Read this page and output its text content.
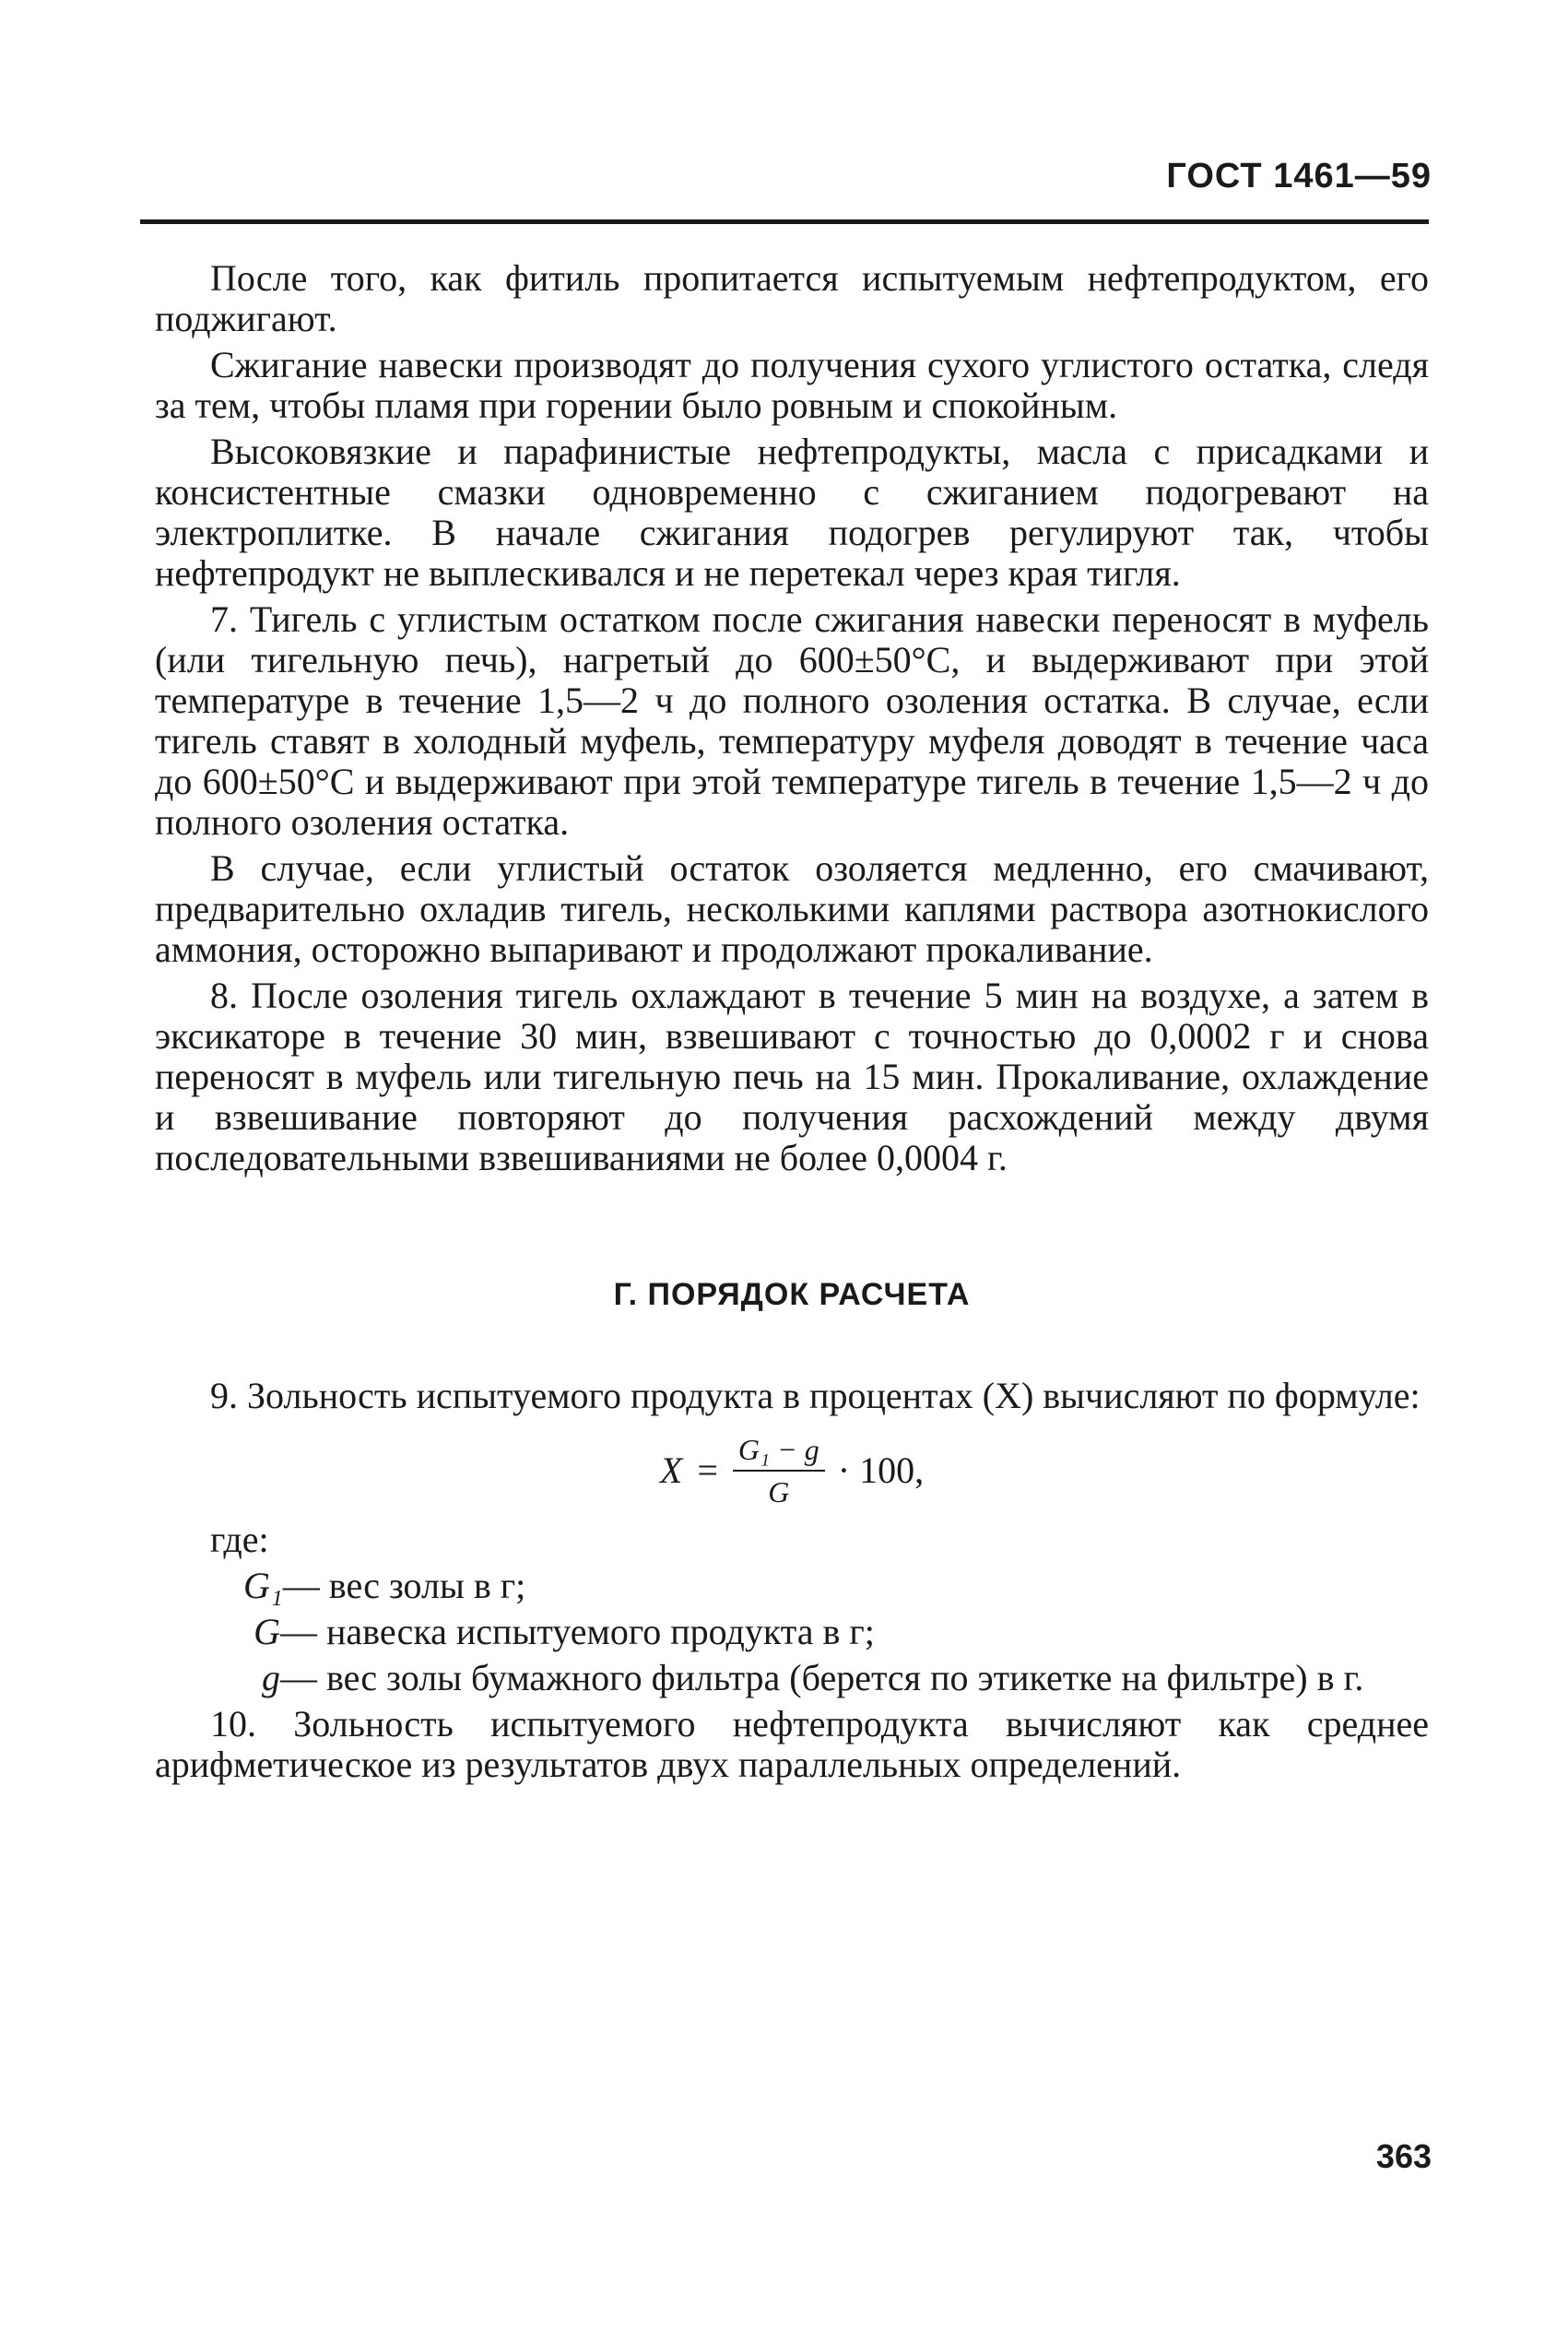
ГОСТ 1461—59

После того, как фитиль пропитается испытуемым нефтепродуктом, его поджигают.

Сжигание навески производят до получения сухого углистого остатка, следя за тем, чтобы пламя при горении было ровным и спокойным.

Высоковязкие и парафинистые нефтепродукты, масла с присадками и консистентные смазки одновременно с сжиганием подогревают на электроплитке. В начале сжигания подогрев регулируют так, чтобы нефтепродукт не выплескивался и не перетекал через края тигля.

7. Тигель с углистым остатком после сжигания навески переносят в муфель (или тигельную печь), нагретый до 600±50°С, и выдерживают при этой температуре в течение 1,5—2 ч до полного озоления остатка. В случае, если тигель ставят в холодный муфель, температуру муфеля доводят в течение часа до 600±50°С и выдерживают при этой температуре тигель в течение 1,5—2 ч до полного озоления остатка.

В случае, если углистый остаток озоляется медленно, его смачивают, предварительно охладив тигель, несколькими каплями раствора азотнокислого аммония, осторожно выпаривают и продолжают прокаливание.

8. После озоления тигель охлаждают в течение 5 мин на воздухе, а затем в эксикаторе в течение 30 мин, взвешивают с точностью до 0,0002 г и снова переносят в муфель или тигельную печь на 15 мин. Прокаливание, охлаждение и взвешивание повторяют до получения расхождений между двумя последовательными взвешиваниями не более 0,0004 г.

Г. ПОРЯДОК РАСЧЕТА

9. Зольность испытуемого продукта в процентах (X) вычисляют по формуле:

$X = \frac{\text{G₁ − g}}{G} \cdot 100$,

где:

G₁ — вес золы в г;
G — навеска испытуемого продукта в г;
g — вес золы бумажного фильтра (берется по этикетке на фильтре) в г.

10. Зольность испытуемого нефтепродукта вычисляют как среднее арифметическое из результатов двух параллельных определений.

363
